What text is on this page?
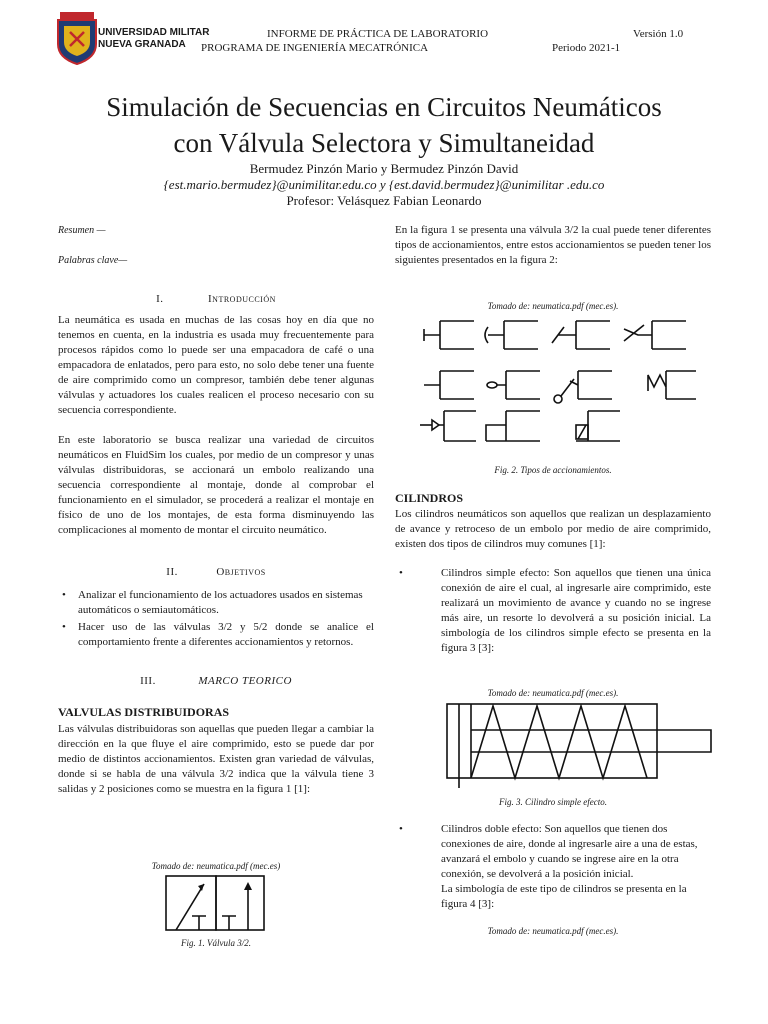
UNIVERSIDAD MILITAR
NUEVA GRANADA
INFORME DE PRÁCTICA DE LABORATORIO
PROGRAMA DE INGENIERÍA MECATRÓNICA
Versión 1.0
Periodo 2021-1
Simulación de Secuencias en Circuitos Neumáticos
con Válvula Selectora y Simultaneidad
Bermudez Pinzón Mario y Bermudez Pinzón David
{est.mario.bermudez}@unimilitar.edu.co y {est.david.bermudez}@unimilitar .edu.co
Profesor: Velásquez Fabian Leonardo
Resumen —
Palabras clave—
I.	Introducción
La neumática es usada en muchas de las cosas hoy en día que no tenemos en cuenta, en la industria es usada muy frecuentemente para procesos rápidos como lo puede ser una empacadora de café o una empacadora de enlatados, pero para esto, no solo debe tener una fuente de aire comprimido como un compresor, también debe tener algunas válvulas y actuadores los cuales realicen el proceso necesario con su secuencia correspondiente.
En este laboratorio se busca realizar una variedad de circuitos neumáticos en FluidSim los cuales, por medio de un compresor y unas válvulas distribuidoras, se accionará un embolo realizando una secuencia correspondiente al montaje, donde al comprobar el funcionamiento en el simulador, se procederá a realizar el montaje en físico de uno de los montajes, de esta forma disminuyendo las complicaciones al momento de montar el circuito neumático.
II.	Objetivos
• Analizar el funcionamiento de los actuadores usados en sistemas automáticos o semiautomáticos.
• Hacer uso de las válvulas 3/2 y 5/2 donde se analice el comportamiento frente a diferentes accionamientos y retornos.
III.	MARCO TEORICO
VALVULAS DISTRIBUIDORAS
Las válvulas distribuidoras son aquellas que pueden llegar a cambiar la dirección en la que fluye el aire comprimido, esto se puede dar por medio de distintos accionamientos. Existen gran variedad de válvulas, donde si se habla de una válvula 3/2 indica que la válvula tiene 3 salidas y 2 posiciones como se muestra en la figura 1 [1]:
Tomado de: neumatica.pdf (mec.es)
Fig. 1. Válvula 3/2.
En la figura 1 se presenta una válvula 3/2 la cual puede tener diferentes tipos de accionamientos, entre estos accionamientos se pueden tener los siguientes presentados en la figura 2:
Tomado de: neumatica.pdf (mec.es).
Fig. 2. Tipos de accionamientos.
CILINDROS
Los cilindros neumáticos son aquellos que realizan un desplazamiento de avance y retroceso de un embolo por medio de aire comprimido, existen dos tipos de cilindros muy comunes [1]:
• Cilindros simple efecto: Son aquellos que tienen una única conexión de aire el cual, al ingresarle aire comprimido, este realizará un movimiento de avance y cuando no se ingrese más aire, un resorte lo devolverá a su posición inicial. La simbología de los cilindros simple efecto se presenta en la figura 3 [3]:
Tomado de: neumatica.pdf (mec.es).
Fig. 3. Cilindro simple efecto.
• Cilindros doble efecto: Son aquellos que tienen dos conexiones de aire, donde al ingresarle aire a una de estas, avanzará el embolo y cuando se ingrese aire en la otra conexión, se devolverá a la posición inicial.
La simbología de este tipo de cilindros se presenta en la figura 4 [3]:
Tomado de: neumatica.pdf (mec.es).
